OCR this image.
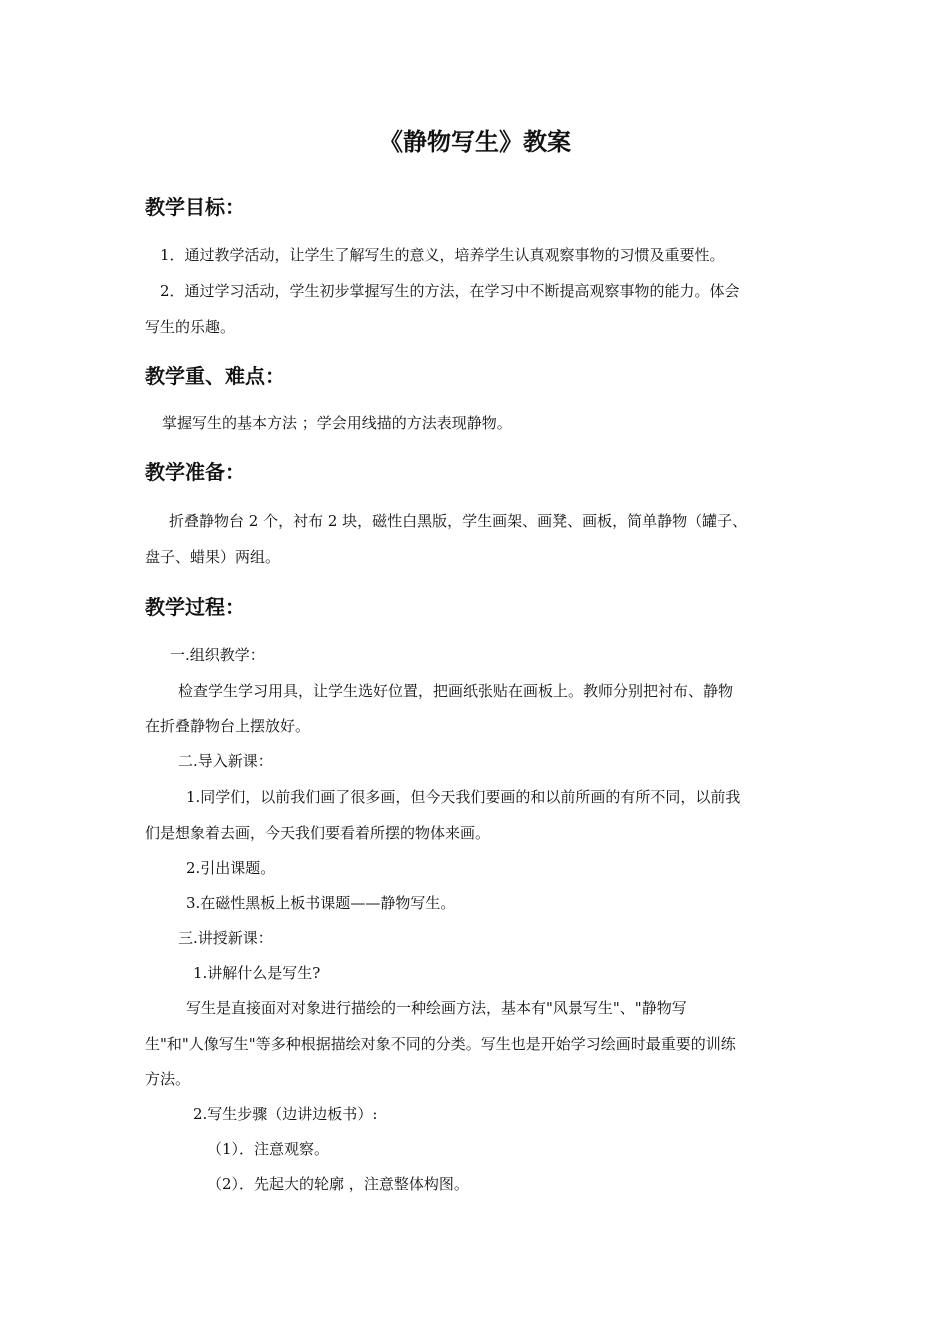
《静物写生》教案
教学目标：
1．通过教学活动，让学生了解写生的意义，培养学生认真观察事物的习惯及重要性。
2．通过学习活动，学生初步掌握写生的方法，在学习中不断提高观察事物的能力。体会
写生的乐趣。
教学重、难点：
掌握写生的基本方法 ；学会用线描的方法表现静物。
教学准备：
折叠静物台 2 个，衬布 2 块，磁性白黑版，学生画架、画凳、画板，简单静物（罐子、
盘子、蜡果）两组。
教学过程：
一.组织教学：
检查学生学习用具，让学生选好位置，把画纸张贴在画板上。教师分别把衬布、静物
在折叠静物台上摆放好。
二.导入新课：
1.同学们，以前我们画了很多画，但今天我们要画的和以前所画的有所不同，以前我
们是想象着去画，今天我们要看着所摆的物体来画。
2.引出课题。
3.在磁性黑板上板书课题——静物写生。
三.讲授新课：
1.讲解什么是写生?
写生是直接面对对象进行描绘的一种绘画方法，基本有"风景写生"、"静物写
生"和"人像写生"等多种根据描绘对象不同的分类。写生也是开始学习绘画时最重要的训练
方法。
2.写生步骤（边讲边板书）:
（1）．注意观察。
（2）．先起大的轮廓 ，注意整体构图。
